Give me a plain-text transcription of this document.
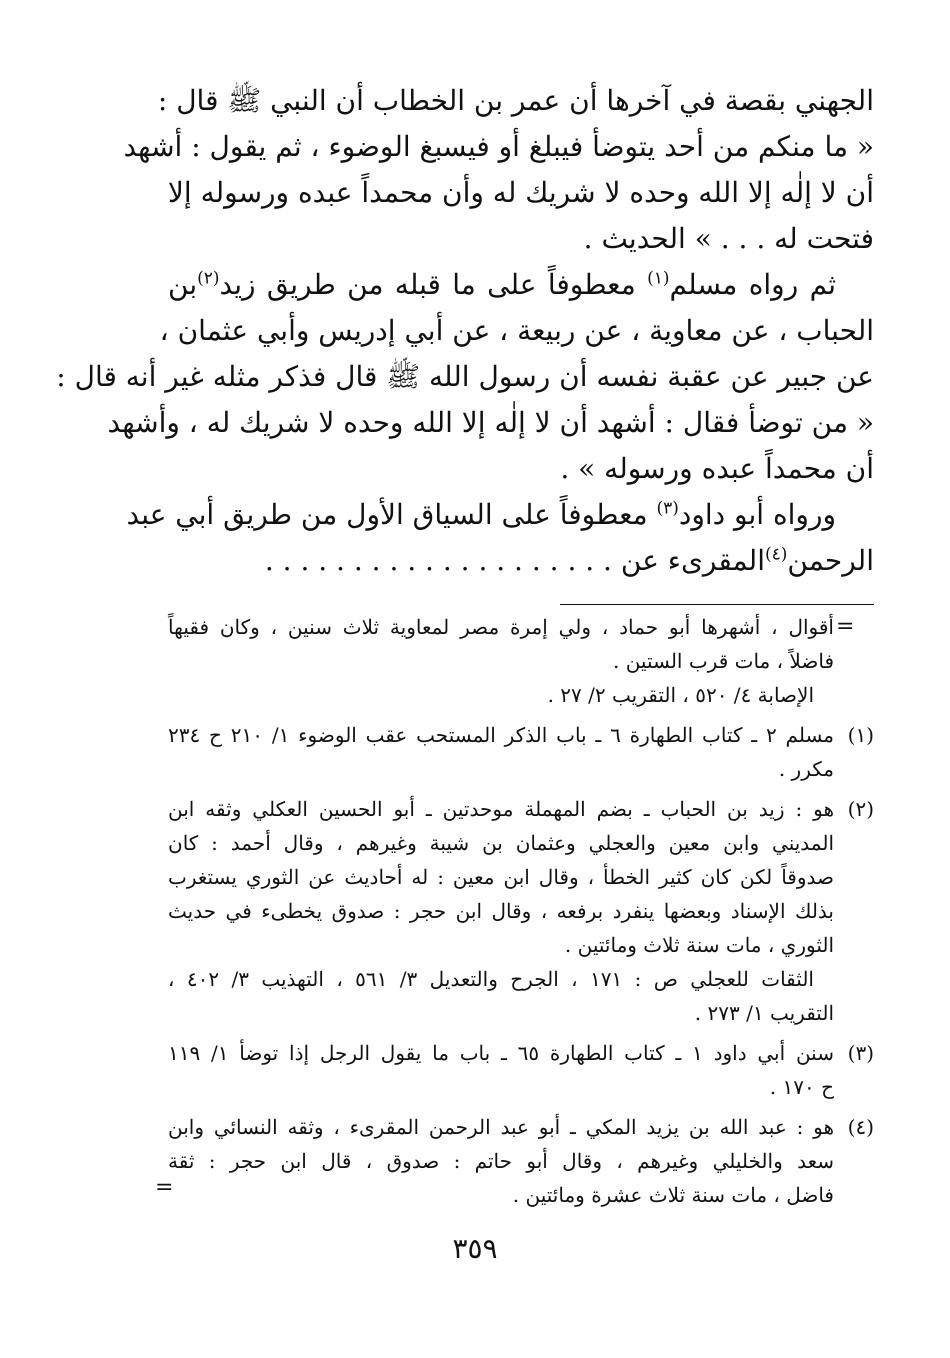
الجهني بقصة في آخرها أن عمر بن الخطاب أن النبي ﷺ قال :
« ما منكم من أحد يتوضأ فيبلغ أو فيسبغ الوضوء ، ثم يقول : أشهد
أن لا إلٰه إلا الله وحده لا شريك له وأن محمداً عبده ورسوله إلا
فتحت له . . . » الحديث .
ثم رواه مسلم$^{(١)}$ معطوفاً على ما قبله من طريق زيد$^{(٢)}$بن
الحباب ، عن معاوية ، عن ربيعة ، عن أبي إدريس وأبي عثمان ،
عن جبير عن عقبة نفسه أن رسول الله ﷺ قال فذكر مثله غير أنه قال :
« من توضأ فقال : أشهد أن لا إلٰه إلا الله وحده لا شريك له ، وأشهد
أن محمداً عبده ورسوله » .
ورواه أبو داود$^{(٣)}$ معطوفاً على السياق الأول من طريق أبي عبد
الرحمن$^{(٤)}$المقرىء عن . . . . . . . . . . . . . . . . . . . .
=
أقوال ، أشهرها أبو حماد ، ولي إمرة مصر لمعاوية ثلاث سنين ، وكان فقيهاً
فاضلاً ، مات قرب الستين .
الإصابة ٤/ ٥٢٠ ، التقريب ٢/ ٢٧ .
(١)
مسلم ٢ ـ كتاب الطهارة ٦ ـ باب الذكر المستحب عقب الوضوء ١/ ٢١٠ ح ٢٣٤
مكرر .
(٢)
هو : زيد بن الحباب ـ بضم المهملة موحدتين ـ أبو الحسين العكلي وثقه ابن
المديني وابن معين والعجلي وعثمان بن شيبة وغيرهم ، وقال أحمد : كان
صدوقاً لكن كان كثير الخطأ ، وقال ابن معين : له أحاديث عن الثوري يستغرب
بذلك الإسناد وبعضها ينفرد برفعه ، وقال ابن حجر : صدوق يخطىء في حديث
الثوري ، مات سنة ثلاث ومائتين .
الثقات للعجلي ص : ١٧١ ، الجرح والتعديل ٣/ ٥٦١ ، التهذيب ٣/ ٤٠٢ ،
التقريب ١/ ٢٧٣ .
(٣)
سنن أبي داود ١ ـ كتاب الطهارة ٦٥ ـ باب ما يقول الرجل إذا توضأ ١/ ١١٩
ح ١٧٠ .
(٤)
هو : عبد الله بن يزيد المكي ـ أبو عبد الرحمن المقرىء ، وثقه النسائي وابن
سعد والخليلي وغيرهم ، وقال أبو حاتم : صدوق ، قال ابن حجر : ثقة
فاضل ، مات سنة ثلاث عشرة ومائتين .
=
٣٥٩
